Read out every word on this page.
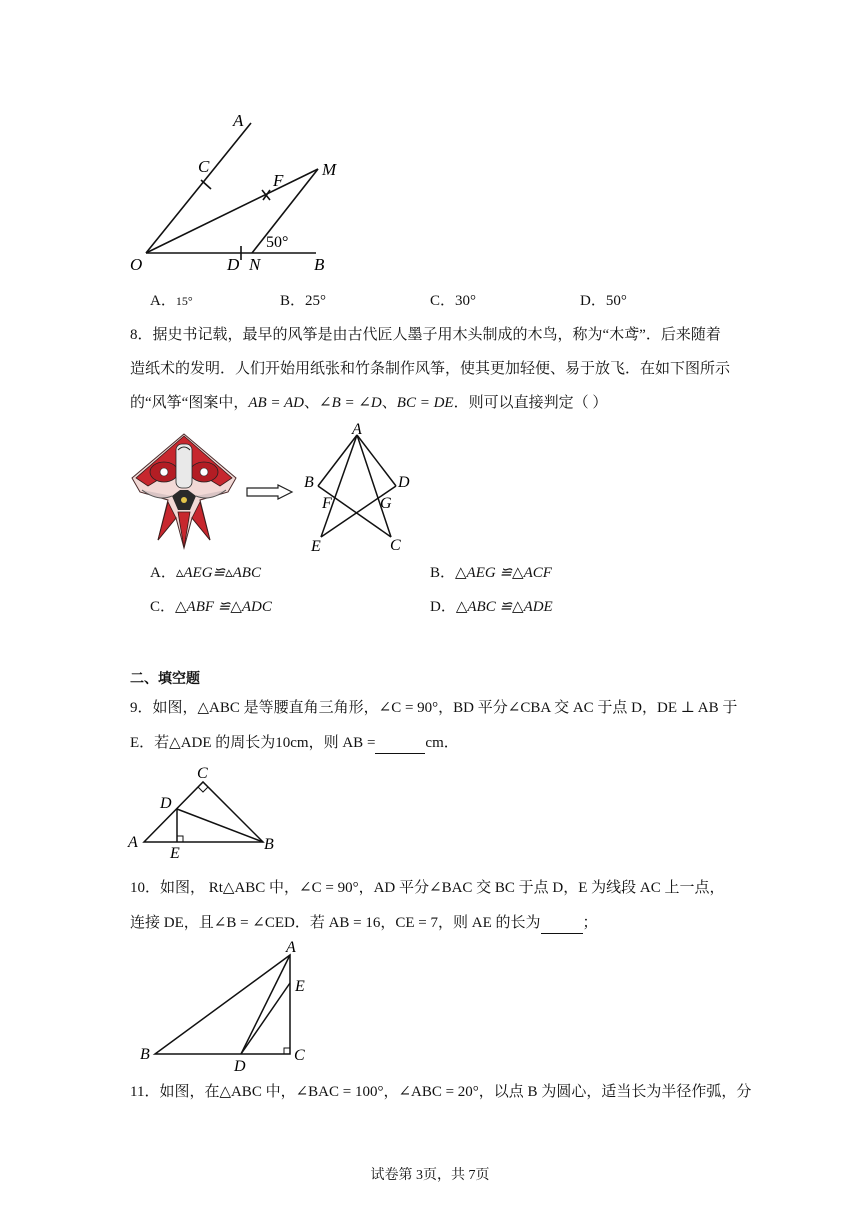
A
C
F
M
O	D N	B
50°
A．15°	B．25°	C．30°	D．50°
8．据史书记载，最早的风筝是由古代匠人墨子用木头制成的木鸟，称为“木鸢”．后来随着
造纸术的发明．人们开始用纸张和竹条制作风筝，使其更加轻便、易于放飞．在如下图所示
的“风筝“图案中，AB = AD、∠B = ∠D、BC = DE．则可以直接判定（ ）
A
B	D
F	G
E	C
A．▵AEG≌▵ABC	B．△AEG ≌△ACF
C．△ABF ≌△ADC	D．△ABC ≌△ADE
二、填空题
9．如图，△ABC 是等腰直角三角形，∠C = 90°，BD 平分∠CBA 交 AC 于点 D，DE ⊥ AB 于
E．若△ADE 的周长为10cm，则 AB =	cm．
C
D
A
E
B
10．如图， Rt△ABC 中，∠C = 90°，AD 平分∠BAC 交 BC 于点 D，E 为线段 AC 上一点，
连接 DE，且∠B = ∠CED．若 AB = 16，CE = 7，则 AE 的长为	；
A
E
B
D
C
11．如图，在△ABC 中，∠BAC = 100°，∠ABC = 20°，以点 B 为圆心，适当长为半径作弧，分
试卷第 3页，共 7页
